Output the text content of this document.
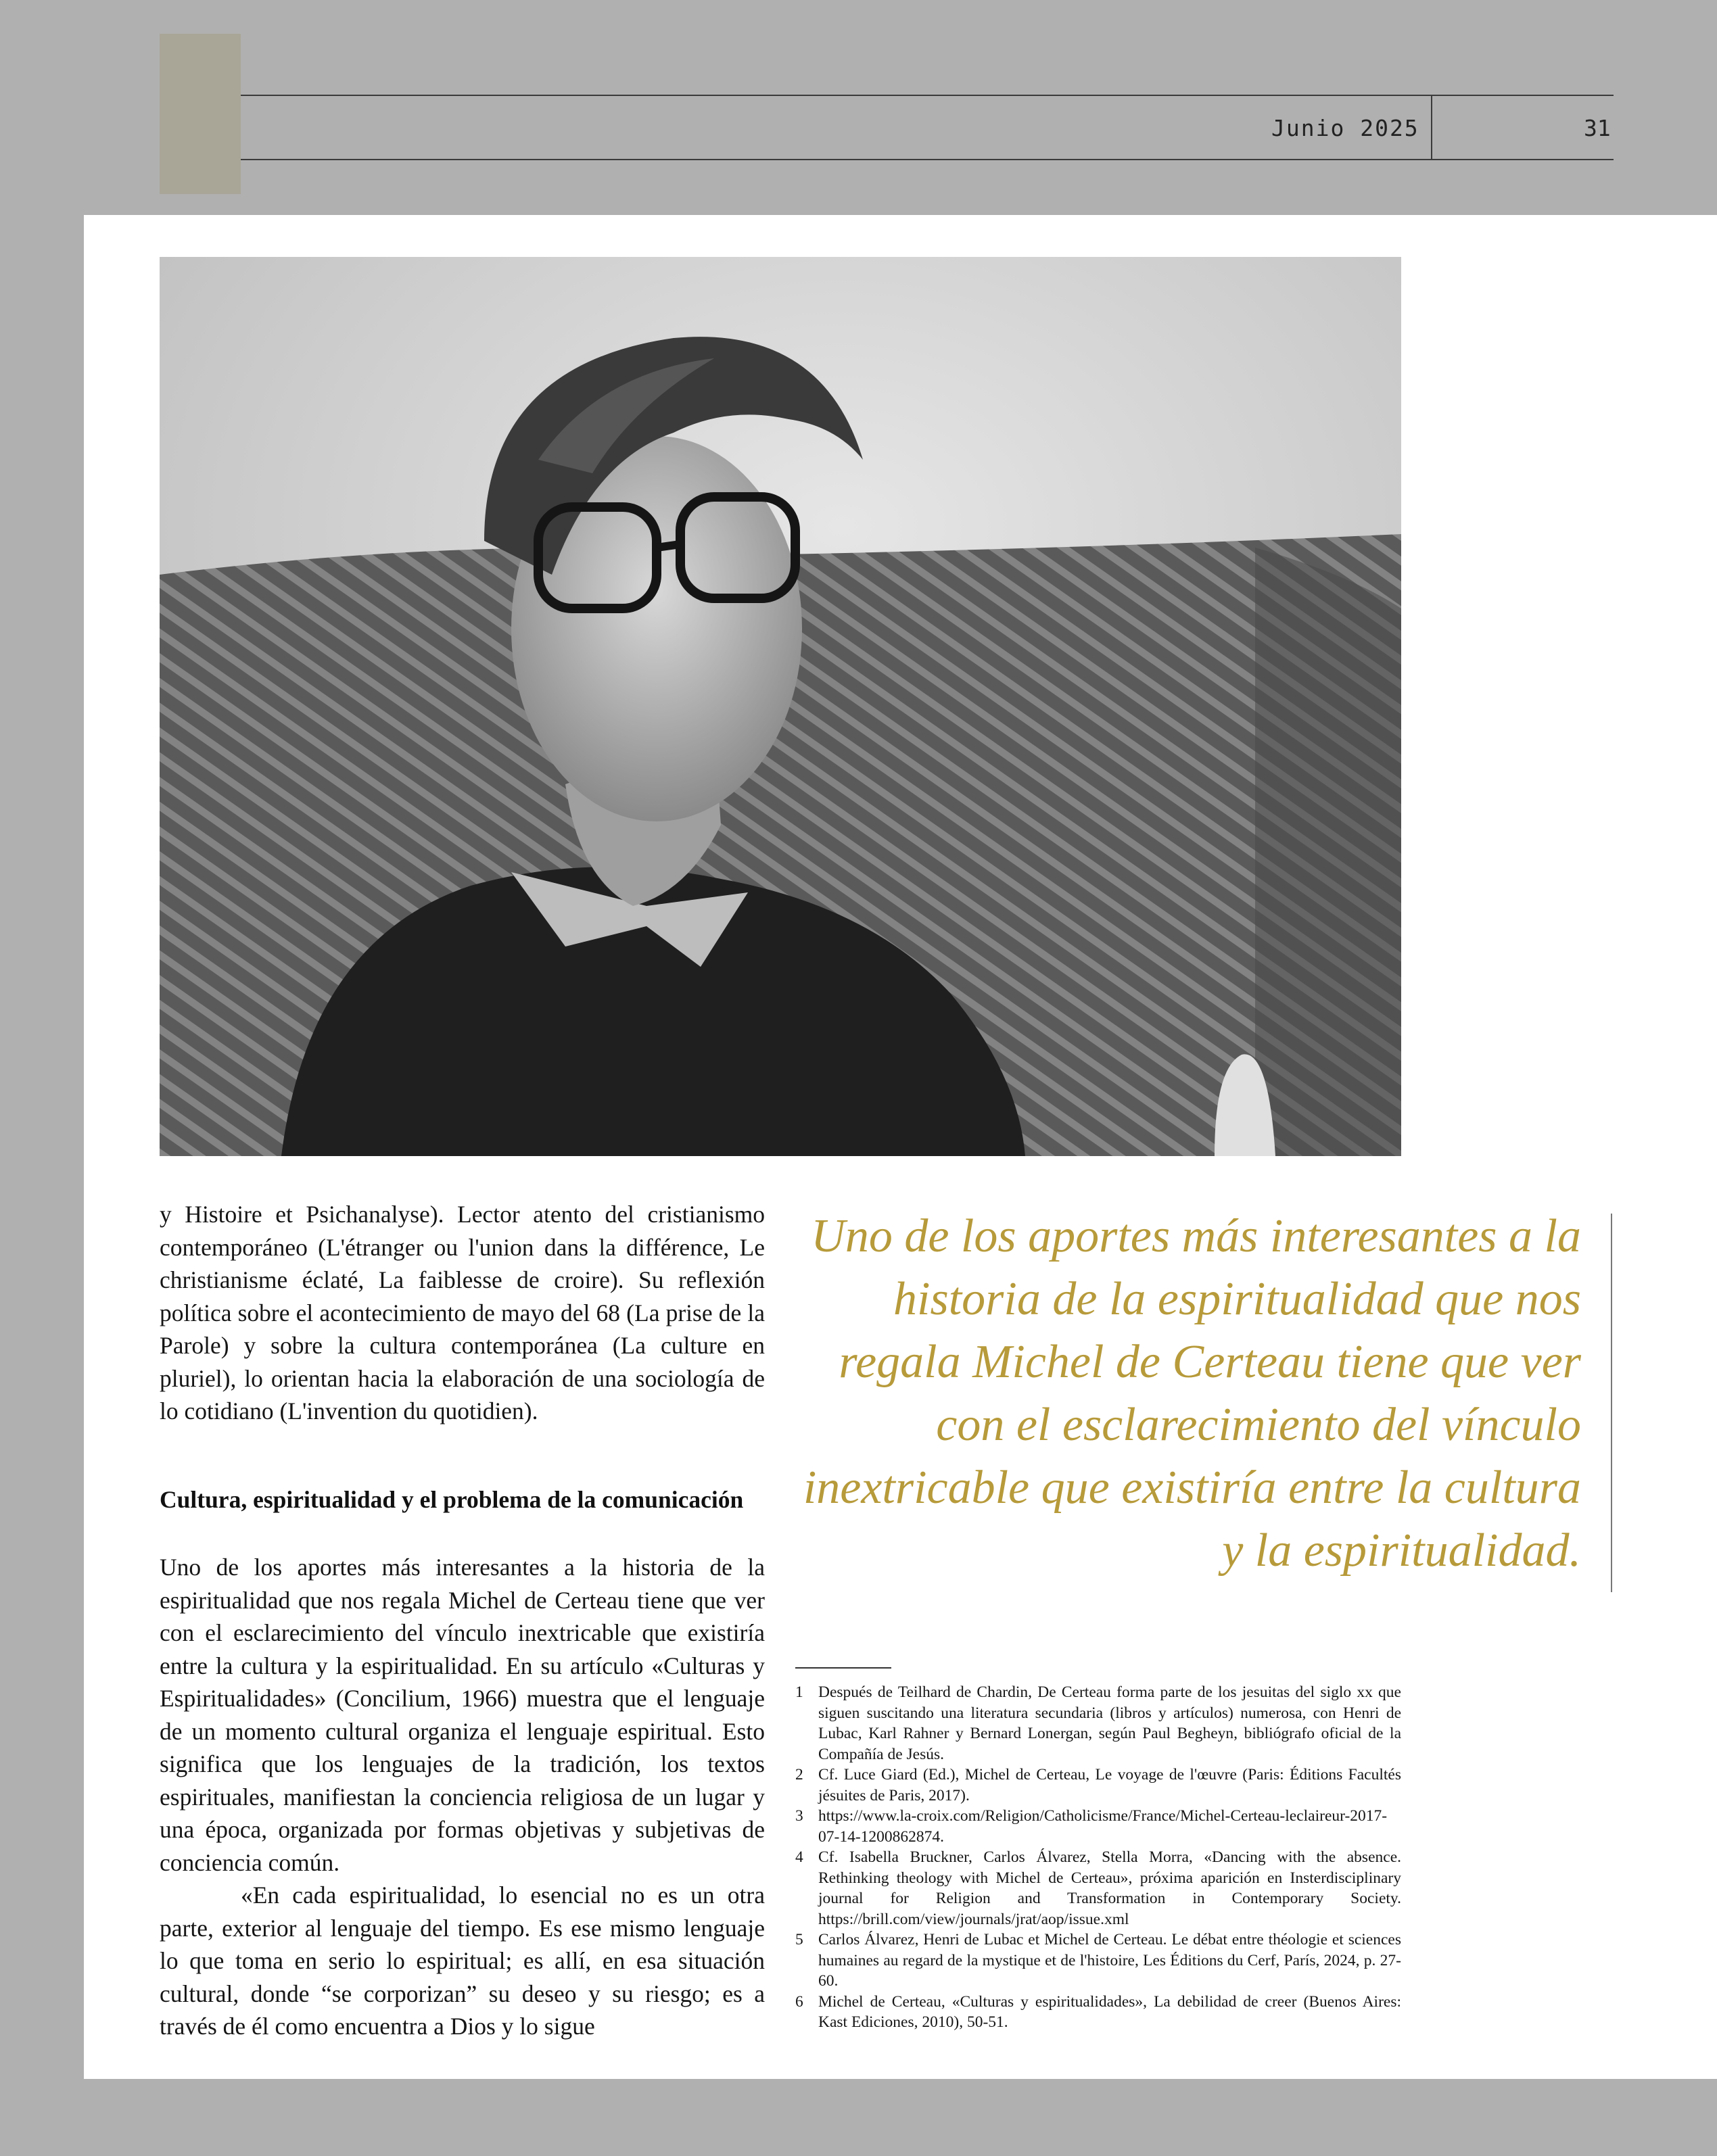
Junio 2025	31

y Histoire et Psichanalyse). Lector atento del cristianismo contemporáneo (L'étranger ou l'union dans la différence, Le christianisme éclaté, La faiblesse de croire). Su reflexión política sobre el acontecimiento de mayo del 68 (La prise de la Parole) y sobre la cultura contemporánea (La culture en pluriel), lo orientan hacia la elaboración de una sociología de lo cotidiano (L'invention du quotidien).

Cultura, espiritualidad y el problema de la comunicación

Uno de los aportes más interesantes a la historia de la espiritualidad que nos regala Michel de Certeau tiene que ver con el esclarecimiento del vínculo inextricable que existiría entre la cultura y la espiritualidad. En su artículo «Culturas y Espiritualidades» (Concilium, 1966) muestra que el lenguaje de un momento cultural organiza el lenguaje espiritual. Esto significa que los lenguajes de la tradición, los textos espirituales, manifiestan la conciencia religiosa de un lugar y una época, organizada por formas objetivas y subjetivas de conciencia común.

«En cada espiritualidad, lo esencial no es un otra parte, exterior al lenguaje del tiempo. Es ese mismo lenguaje lo que toma en serio lo espiritual; es allí, en esa situación cultural, donde “se corporizan” su deseo y su riesgo; es a través de él como encuentra a Dios y lo sigue

Uno de los aportes más interesantes a la historia de la espiritualidad que nos regala Michel de Certeau tiene que ver con el esclarecimiento del vínculo inextricable que existiría entre la cultura y la espiritualidad.
1 Después de Teilhard de Chardin, De Certeau forma parte de los jesuitas del siglo xx que siguen suscitando una literatura secundaria (libros y artículos) numerosa, con Henri de Lubac, Karl Rahner y Bernard Lonergan, según Paul Begheyn, bibliógrafo oficial de la Compañía de Jesús.
2 Cf. Luce Giard (Ed.), Michel de Certeau, Le voyage de l'œuvre (Paris: Éditions Facultés jésuites de Paris, 2017).
3 https://www.la-croix.com/Religion/Catholicisme/France/Michel-Certeau-leclaireur-2017-07-14-1200862874.
4 Cf. Isabella Bruckner, Carlos Álvarez, Stella Morra, «Dancing with the absence. Rethinking theology with Michel de Certeau», próxima aparición en Insterdisciplinary journal for Religion and Transformation in Contemporary Society. https://brill.com/view/journals/jrat/aop/issue.xml
5 Carlos Álvarez, Henri de Lubac et Michel de Certeau. Le débat entre théologie et sciences humaines au regard de la mystique et de l'histoire, Les Éditions du Cerf, París, 2024, p. 27-60.
6 Michel de Certeau, «Culturas y espiritualidades», La debilidad de creer (Buenos Aires: Kast Ediciones, 2010), 50-51.
